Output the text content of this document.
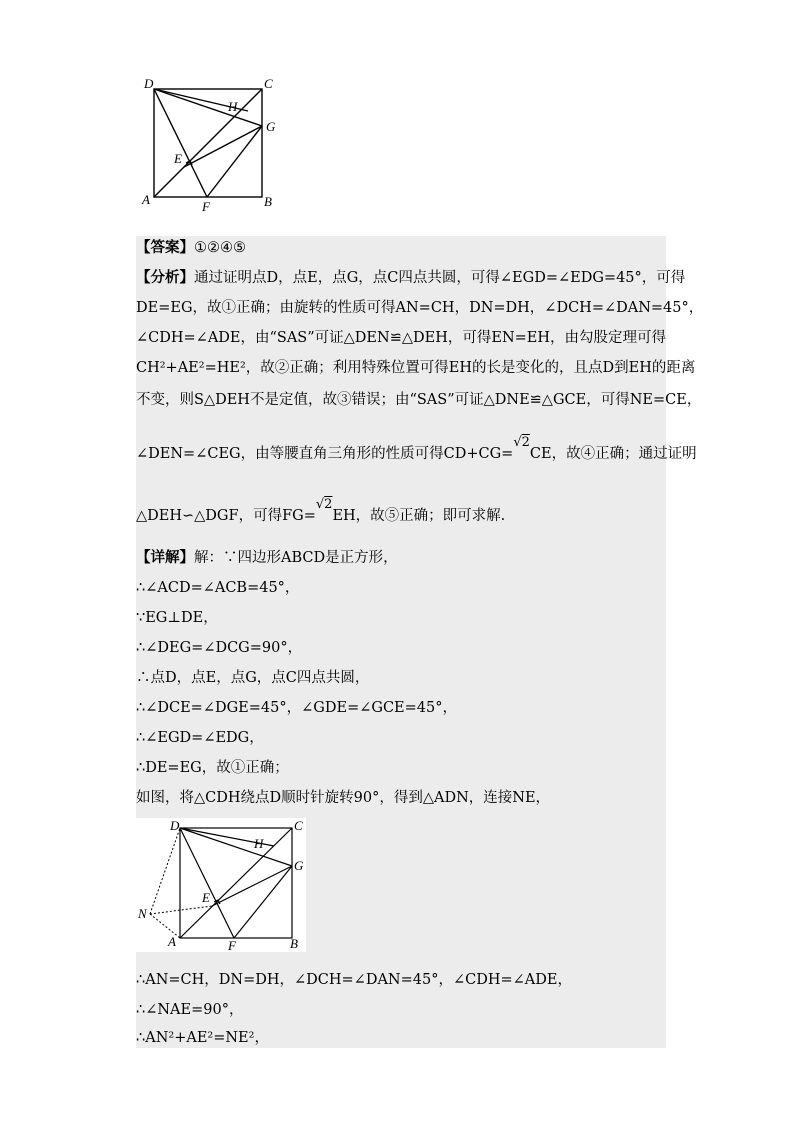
D	C
H
G
E
A	F	B
【答案】①②④⑤
【分析】通过证明点D，点E，点G，点C四点共圆，可得∠EGD=∠EDG=45°，可得
DE=EG，故①正确；由旋转的性质可得AN=CH，DN=DH，∠DCH=∠DAN=45°，
∠CDH=∠ADE，由“SAS”可证△DEN≌△DEH，可得EN=EH，由勾股定理可得
CH²+AE²=HE²，故②正确；利用特殊位置可得EH的长是变化的，且点D到EH的距离
不变，则S△DEH不是定值，故③错误；由“SAS”可证△DNE≌△GCE，可得NE=CE，
∠DEN=∠CEG，由等腰直角三角形的性质可得CD+CG=√2CE，故④正确；通过证明
△DEH∽△DGF，可得FG=√2EH，故⑤正确；即可求解.
【详解】解：∵四边形ABCD是正方形，
∴∠ACD=∠ACB=45°，
∵EG⊥DE，
∴∠DEG=∠DCG=90°，
∴点D，点E，点G，点C四点共圆，
∴∠DCE=∠DGE=45°，∠GDE=∠GCE=45°，
∴∠EGD=∠EDG，
∴DE=EG，故①正确；
如图，将△CDH绕点D顺时针旋转90°，得到△ADN，连接NE，
D	C
H
G
E
N
A	F	B
∴AN=CH，DN=DH，∠DCH=∠DAN=45°，∠CDH=∠ADE，
∴∠NAE=90°，
∴AN²+AE²=NE²，
